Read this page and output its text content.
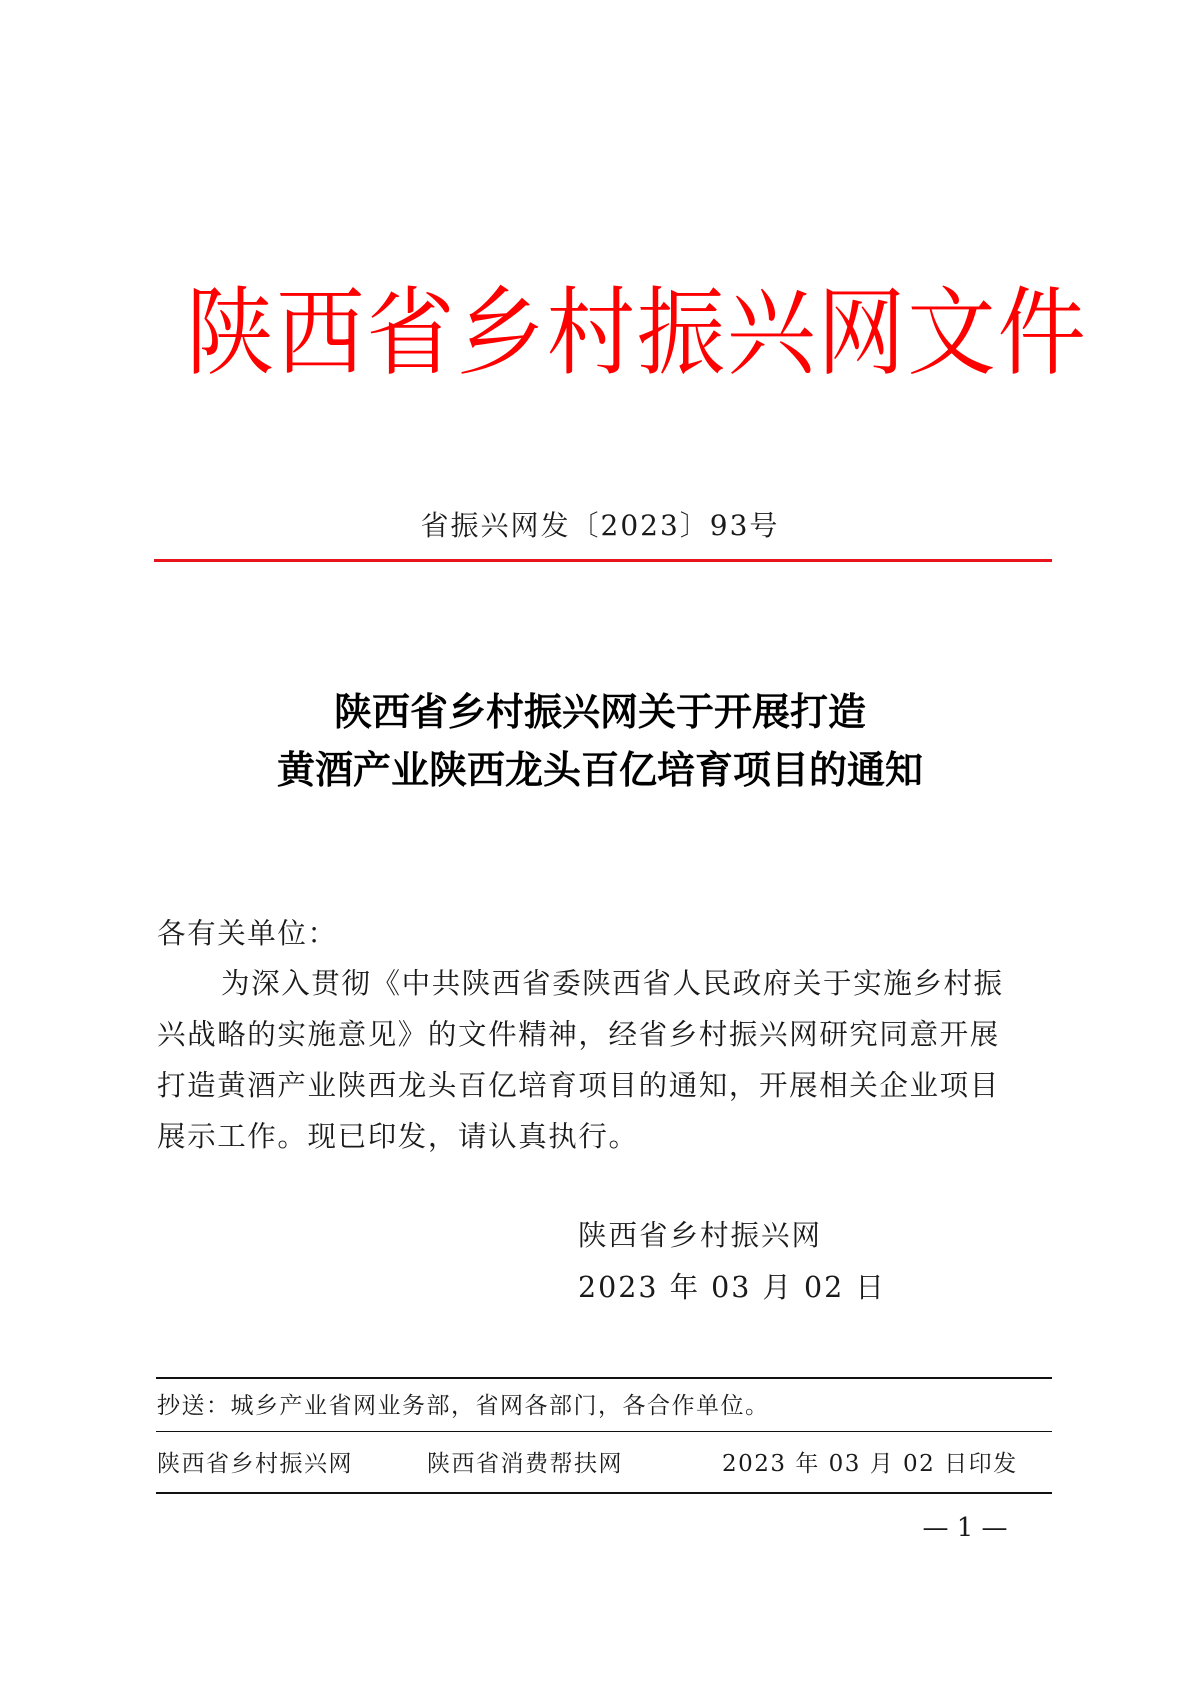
陕西省乡村振兴网文件
省振兴网发〔2023〕93号
陕西省乡村振兴网关于开展打造
黄酒产业陕西龙头百亿培育项目的通知
各有关单位：
为深入贯彻《中共陕西省委陕西省人民政府关于实施乡村振
兴战略的实施意见》的文件精神，经省乡村振兴网研究同意开展
打造黄酒产业陕西龙头百亿培育项目的通知，开展相关企业项目
展示工作。现已印发，请认真执行。
陕西省乡村振兴网
2023 年 03 月 02 日
抄送：城乡产业省网业务部，省网各部门，各合作单位。
陕西省乡村振兴网	陕西省消费帮扶网	2023 年 03 月 02 日印发
— 1 —
